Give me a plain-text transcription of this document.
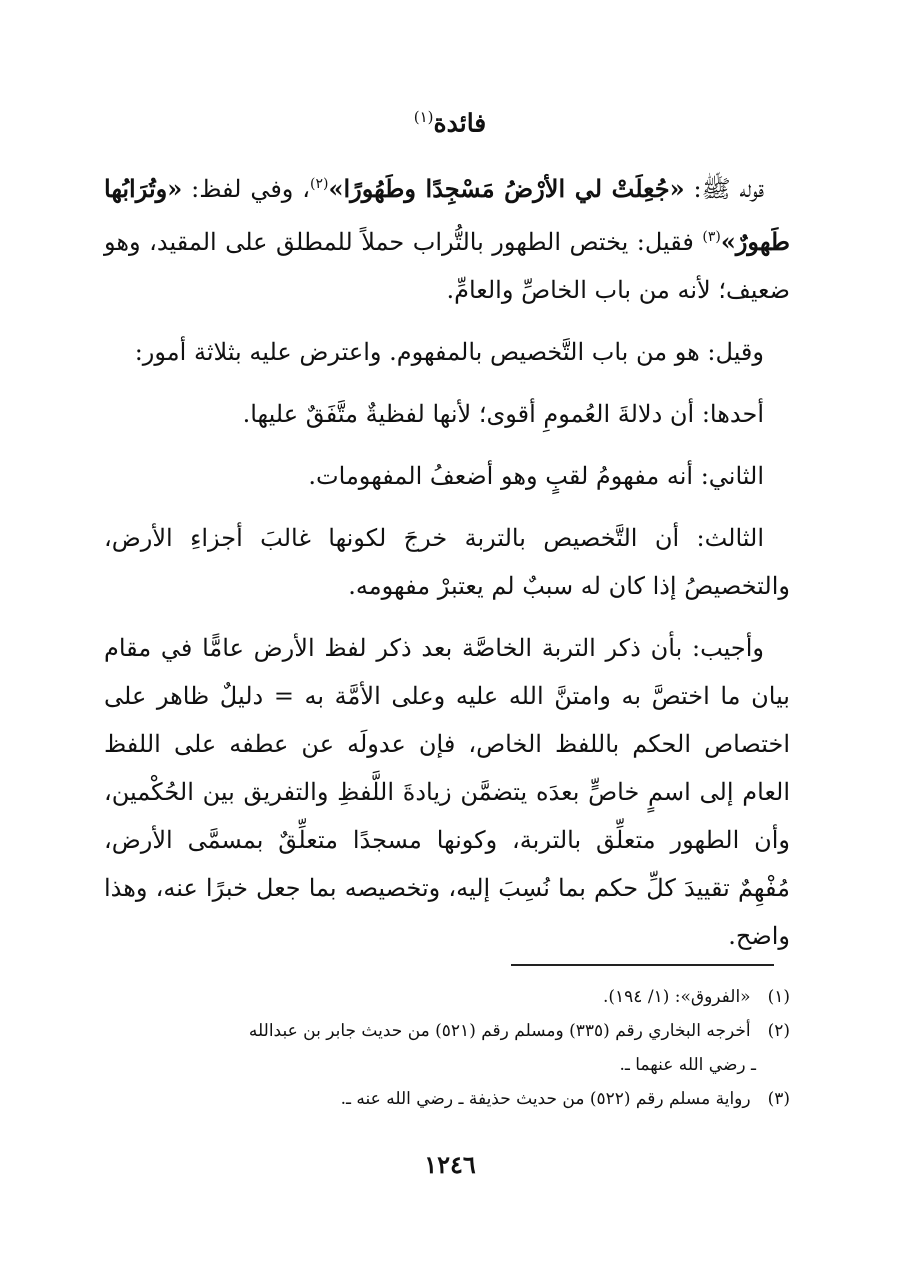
فائدة$^{(١)}$

قوله ﷺ: «جُعِلَتْ لي الأرْضُ مَسْجِدًا وطَهُورًا»$^{(٢)}$، وفي لفظ: «وتُرَابُها طَهورٌ»$^{(٣)}$ فقيل: يختص الطهور بالتُّراب حملاً للمطلق على المقيد، وهو ضعيف؛ لأنه من باب الخاصِّ والعامِّ.

وقيل: هو من باب التَّخصيص بالمفهوم. واعترض عليه بثلاثة أمور:

أحدها: أن دلالةَ العُمومِ أقوى؛ لأنها لفظيةٌ متَّفَقٌ عليها.

الثاني: أنه مفهومُ لقبٍ وهو أضعفُ المفهومات.

الثالث: أن التَّخصيص بالتربة خرجَ لكونها غالبَ أجزاءِ الأرض، والتخصيصُ إذا كان له سببٌ لم يعتبرْ مفهومه.

وأجيب: بأن ذكر التربة الخاصَّة بعد ذكر لفظ الأرض عامًّا في مقام بيان ما اختصَّ به وامتنَّ الله عليه وعلى الأمَّة به = دليلٌ ظاهر على اختصاص الحكم باللفظ الخاص، فإن عدولَه عن عطفه على اللفظ العام إلى اسمٍ خاصٍّ بعدَه يتضمَّن زيادةَ اللَّفظِ والتفريق بين الحُكْمين، وأن الطهور متعلِّق بالتربة، وكونها مسجدًا متعلِّقٌ بمسمَّى الأرض، مُفْهِمٌ تقييدَ كلِّ حكم بما نُسِبَ إليه، وتخصيصه بما جعل خبرًا عنه، وهذا واضح.

(١) «الفروق»: (١/ ١٩٤).

(٢) أخرجه البخاري رقم (٣٣٥) ومسلم رقم (٥٢١) من حديث جابر بن عبدالله
ـ رضي الله عنهما ـ.

(٣) رواية مسلم رقم (٥٢٢) من حديث حذيفة ـ رضي الله عنه ـ.

١٢٤٦
